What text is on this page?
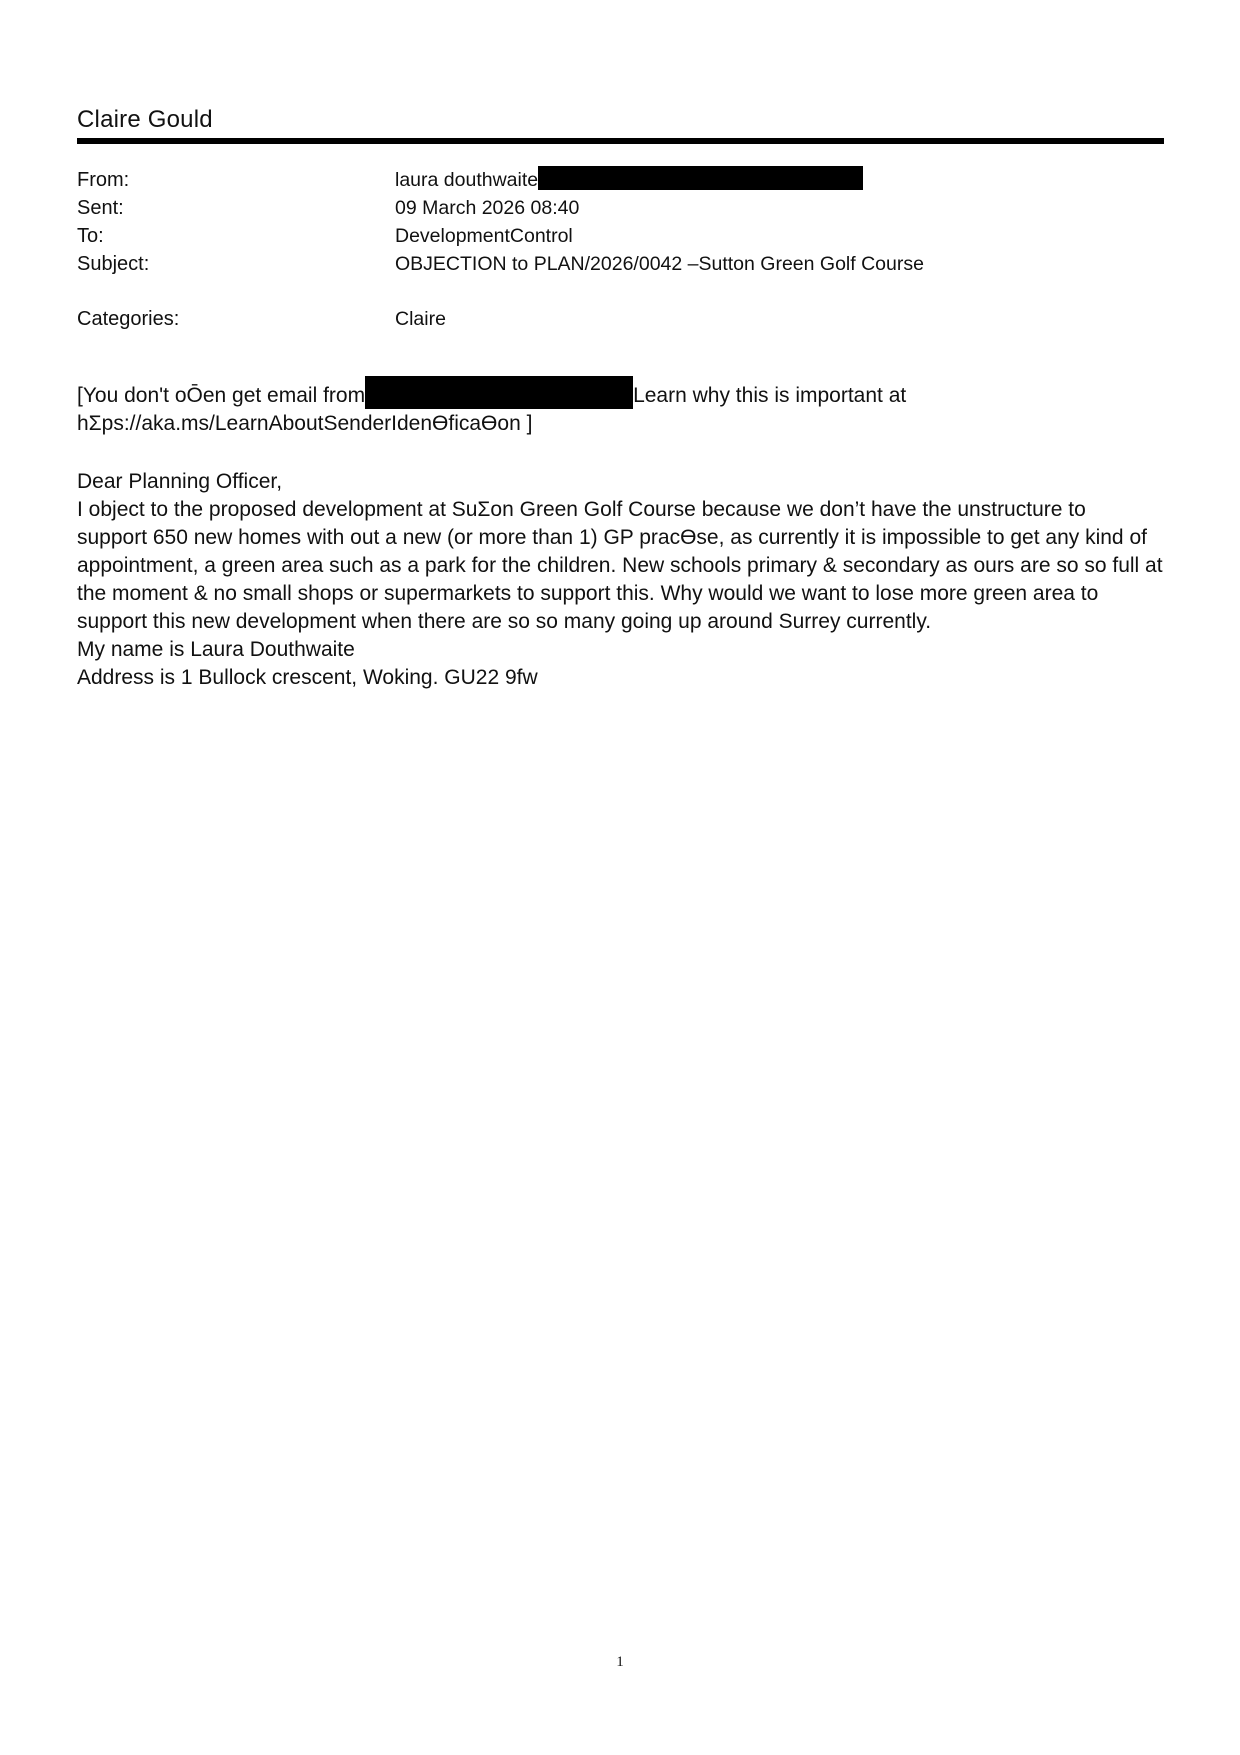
Claire Gould
From:	laura douthwaite
Sent:	09 March 2026 08:40
To:	DevelopmentControl
Subject:	OBJECTION to PLAN/2026/0042 –Sutton Green Golf Course
Categories:	Claire
[You don't oŌen get email from	Learn why this is important at
hΣps://aka.ms/LearnAboutSenderIdenϴficaϴon ]
Dear Planning Officer,
I object to the proposed development at SuΣon Green Golf Course because we don’t have the unstructure to
support 650 new homes with out a new (or more than 1) GP pracϴse, as currently it is impossible to get any kind of
appointment, a green area such as a park for the children. New schools primary & secondary as ours are so so full at
the moment & no small shops or supermarkets to support this. Why would we want to lose more green area to
support this new development when there are so so many going up around Surrey currently.
My name is Laura Douthwaite
Address is 1 Bullock crescent, Woking. GU22 9fw
1
